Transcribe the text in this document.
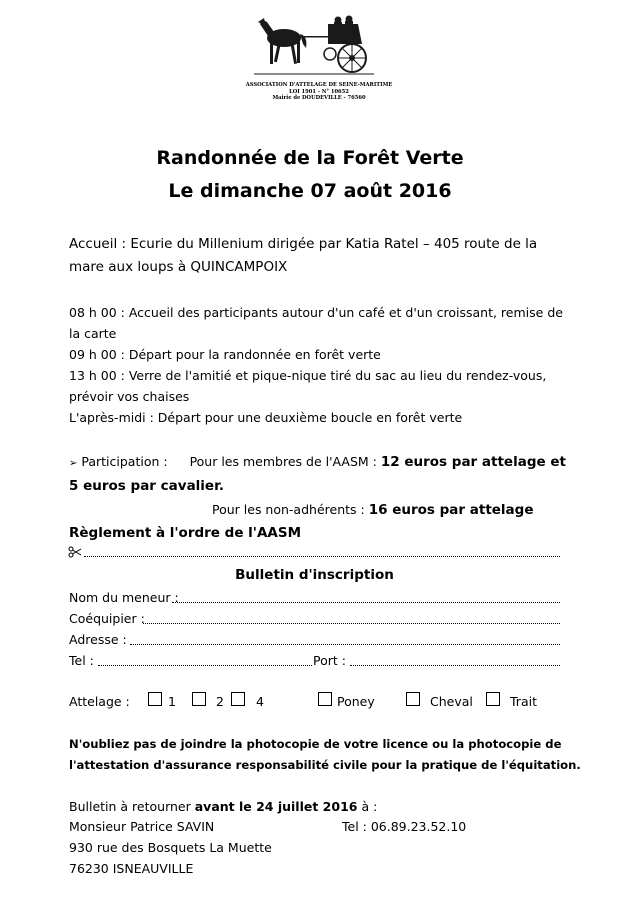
ASSOCIATION D'ATTELAGE DE SEINE-MARITIME
LOI 1901 - N° 10652
Mairie de DOUDEVILLE - 76560
Randonnée de la Forêt Verte
Le dimanche 07 août 2016
Accueil : Ecurie du Millenium dirigée par Katia Ratel – 405 route de la
mare aux loups à QUINCAMPOIX
08 h 00 : Accueil des participants autour d'un café et d'un croissant, remise de
la carte
09 h 00 : Départ pour la randonnée en forêt verte
13 h 00 : Verre de l'amitié et pique-nique tiré du sac au lieu du rendez-vous,
prévoir vos chaises
L'après-midi : Départ pour une deuxième boucle en forêt verte
➢ Participation : Pour les membres de l'AASM : 12 euros par attelage et
5 euros par cavalier.
Pour les non-adhérents : 16 euros par attelage
Règlement à l'ordre de l'AASM
Bulletin d'inscription
Nom du meneur :
Coéquipier :
Adresse :
Tel :	Port :
Attelage :	1	2	4	Poney	Cheval	Trait
N'oubliez pas de joindre la photocopie de votre licence ou la photocopie de
l'attestation d'assurance responsabilité civile pour la pratique de l'équitation.
Bulletin à retourner avant le 24 juillet 2016 à :
Monsieur Patrice SAVIN	Tel : 06.89.23.52.10
930 rue des Bosquets La Muette
76230 ISNEAUVILLE
